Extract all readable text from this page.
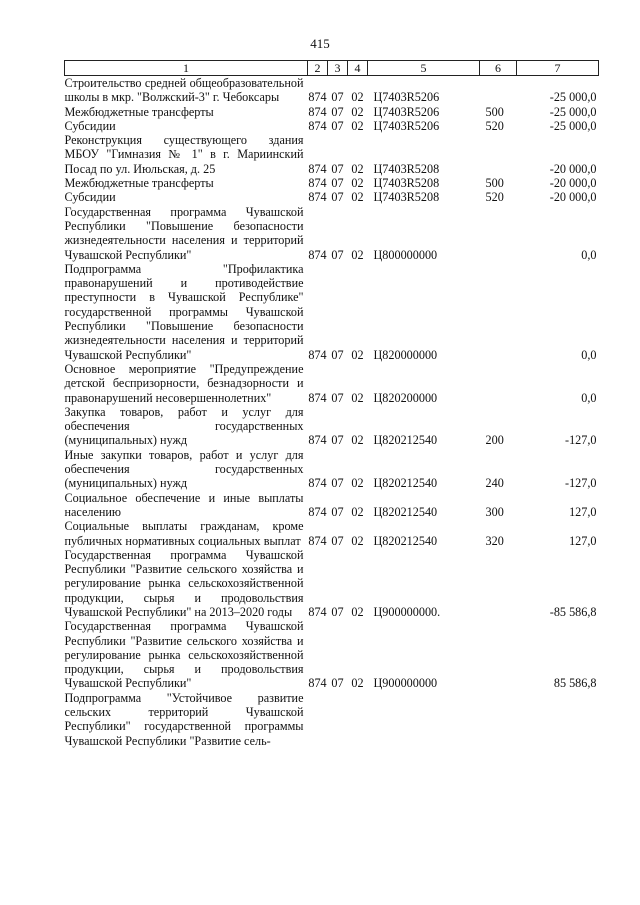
415
1	2	3	4	5	6	7
Строительство средней общеобразовательной школы в мкр. "Волжский-3" г. Чебоксары	874	07	02	Ц7403R5206		-25 000,0
Межбюджетные трансферты	874	07	02	Ц7403R5206	500	-25 000,0
Субсидии	874	07	02	Ц7403R5206	520	-25 000,0
Реконструкция существующего здания МБОУ "Гимназия № 1" в г. Мариинский Посад по ул. Июльская, д. 25	874	07	02	Ц7403R5208		-20 000,0
Межбюджетные трансферты	874	07	02	Ц7403R5208	500	-20 000,0
Субсидии	874	07	02	Ц7403R5208	520	-20 000,0
Государственная программа Чувашской Республики "Повышение безопасности жизнедеятельности населения и территорий Чувашской Республики"	874	07	02	Ц800000000		0,0
Подпрограмма "Профилактика правонарушений и противодействие преступности в Чувашской Республике" государственной программы Чувашской Республики "Повышение безопасности жизнедеятельности населения и территорий Чувашской Республики"	874	07	02	Ц820000000		0,0
Основное мероприятие "Предупреждение детской беспризорности, безнадзорности и правонарушений несовершеннолетних"	874	07	02	Ц820200000		0,0
Закупка товаров, работ и услуг для обеспечения государственных (муниципальных) нужд	874	07	02	Ц820212540	200	-127,0
Иные закупки товаров, работ и услуг для обеспечения государственных (муниципальных) нужд	874	07	02	Ц820212540	240	-127,0
Социальное обеспечение и иные выплаты населению	874	07	02	Ц820212540	300	127,0
Социальные выплаты гражданам, кроме публичных нормативных социальных выплат	874	07	02	Ц820212540	320	127,0
Государственная программа Чувашской Республики "Развитие сельского хозяйства и регулирование рынка сельскохозяйственной продукции, сырья и продовольствия Чувашской Республики" на 2013–2020 годы	874	07	02	Ц900000000.		-85 586,8
Государственная программа Чувашской Республики "Развитие сельского хозяйства и регулирование рынка сельскохозяйственной продукции, сырья и продовольствия Чувашской Республики"	874	07	02	Ц900000000		85 586,8
Подпрограмма "Устойчивое развитие сельских территорий Чувашской Республики" государственной программы Чувашской Республики "Развитие сель-						
